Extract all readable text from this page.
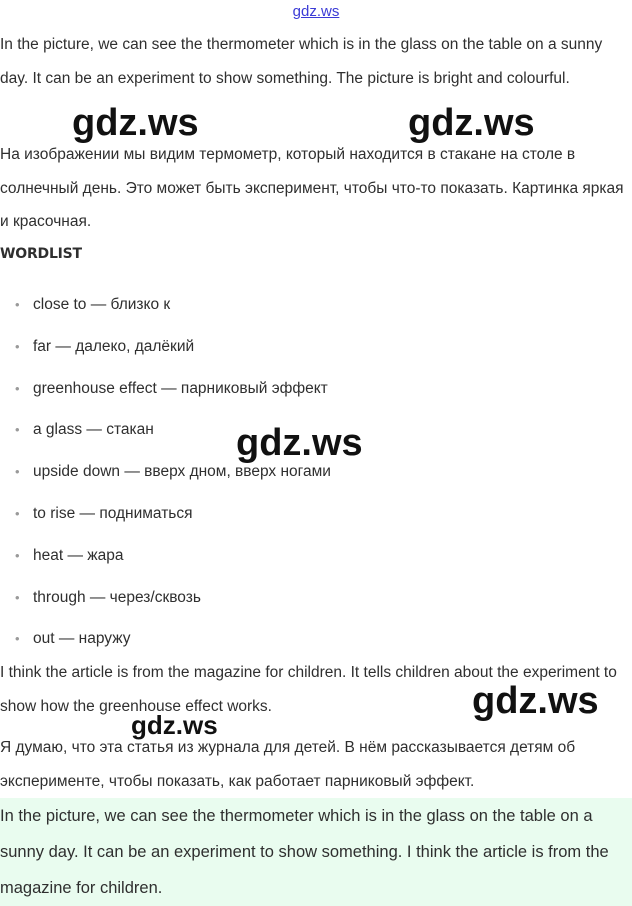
gdz.ws

In the picture, we can see the thermometer which is in the glass on the table on a sunny day. It can be an experiment to show something. The picture is bright and colourful.

На изображении мы видим термометр, который находится в стакане на столе в солнечный день. Это может быть эксперимент, чтобы что-то показать. Картинка яркая и красочная.

WORDLIST
• close to — близко к
• far — далеко, далёкий
• greenhouse effect — парниковый эффект
• a glass — стакан
• upside down — вверх дном, вверх ногами
• to rise — подниматься
• heat — жара
• through — через/сквозь
• out — наружу

I think the article is from the magazine for children. It tells children about the experiment to show how the greenhouse effect works.

Я думаю, что эта статья из журнала для детей. В нём рассказывается детям об эксперименте, чтобы показать, как работает парниковый эффект.

In the picture, we can see the thermometer which is in the glass on the table on a sunny day. It can be an experiment to show something. I think the article is from the magazine for children.

gdz.ws	gdz.ws
gdz.ws
gdz.ws
gdz.ws
